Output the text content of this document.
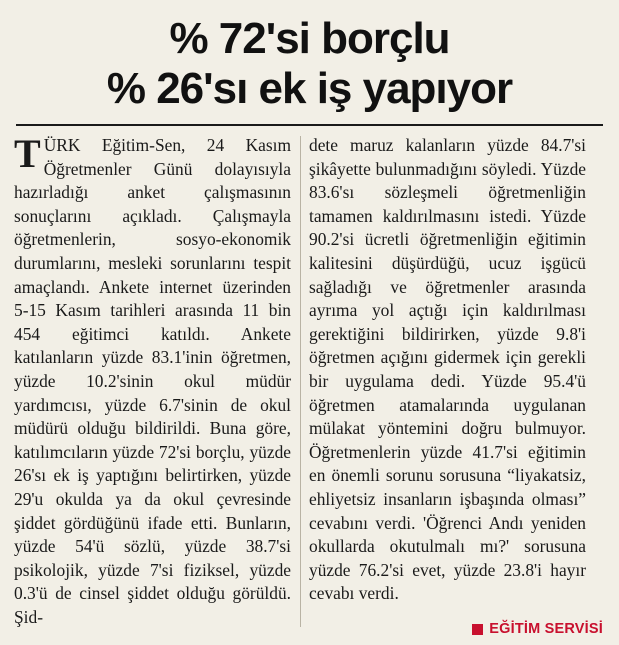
% 72'si borçlu
% 26'sı ek iş yapıyor

T ÜRK Eğitim-Sen, 24 Kasım Öğretmenler Günü dolayısıyla hazırladığı anket çalışmasının sonuçlarını açıkladı. Çalışmayla öğretmenlerin, sosyo-ekonomik durumlarını, mesleki sorunlarını tespit amaçlandı. Ankete internet üzerinden 5-15 Kasım tarihleri arasında 11 bin 454 eğitimci katıldı. Ankete katılanların yüzde 83.1'inin öğretmen, yüzde 10.2'sinin okul müdür yardımcısı, yüzde 6.7'sinin de okul müdürü olduğu bildirildi. Buna göre, katılımcıların yüzde 72'si borçlu, yüzde 26'sı ek iş yaptığını belirtirken, yüzde 29'u okulda ya da okul çevresinde şiddet gördüğünü ifade etti. Bunların, yüzde 54'ü sözlü, yüzde 38.7'si psikolojik, yüzde 7'si fiziksel, yüzde 0.3'ü de cinsel şiddet olduğu görüldü. Şid-

dete maruz kalanların yüzde 84.7'si şikâyette bulunmadığını söyledi. Yüzde 83.6'sı sözleşmeli öğretmenliğin tamamen kaldırılmasını istedi. Yüzde 90.2'si ücretli öğretmenliğin eğitimin kalitesini düşürdüğü, ucuz işgücü sağladığı ve öğretmenler arasında ayrıma yol açtığı için kaldırılması gerektiğini bildirirken, yüzde 9.8'i öğretmen açığını gidermek için gerekli bir uygulama dedi. Yüzde 95.4'ü öğretmen atamalarında uygulanan mülakat yöntemini doğru bulmuyor. Öğretmenlerin yüzde 41.7'si eğitimin en önemli sorunu sorusuna “liyakatsiz, ehliyetsiz insanların işbaşında olması” cevabını verdi. 'Öğrenci Andı yeniden okullarda okutulmalı mı?' sorusuna yüzde 76.2'si evet, yüzde 23.8'i hayır cevabı verdi.

EĞİTİM SERVİSİ
